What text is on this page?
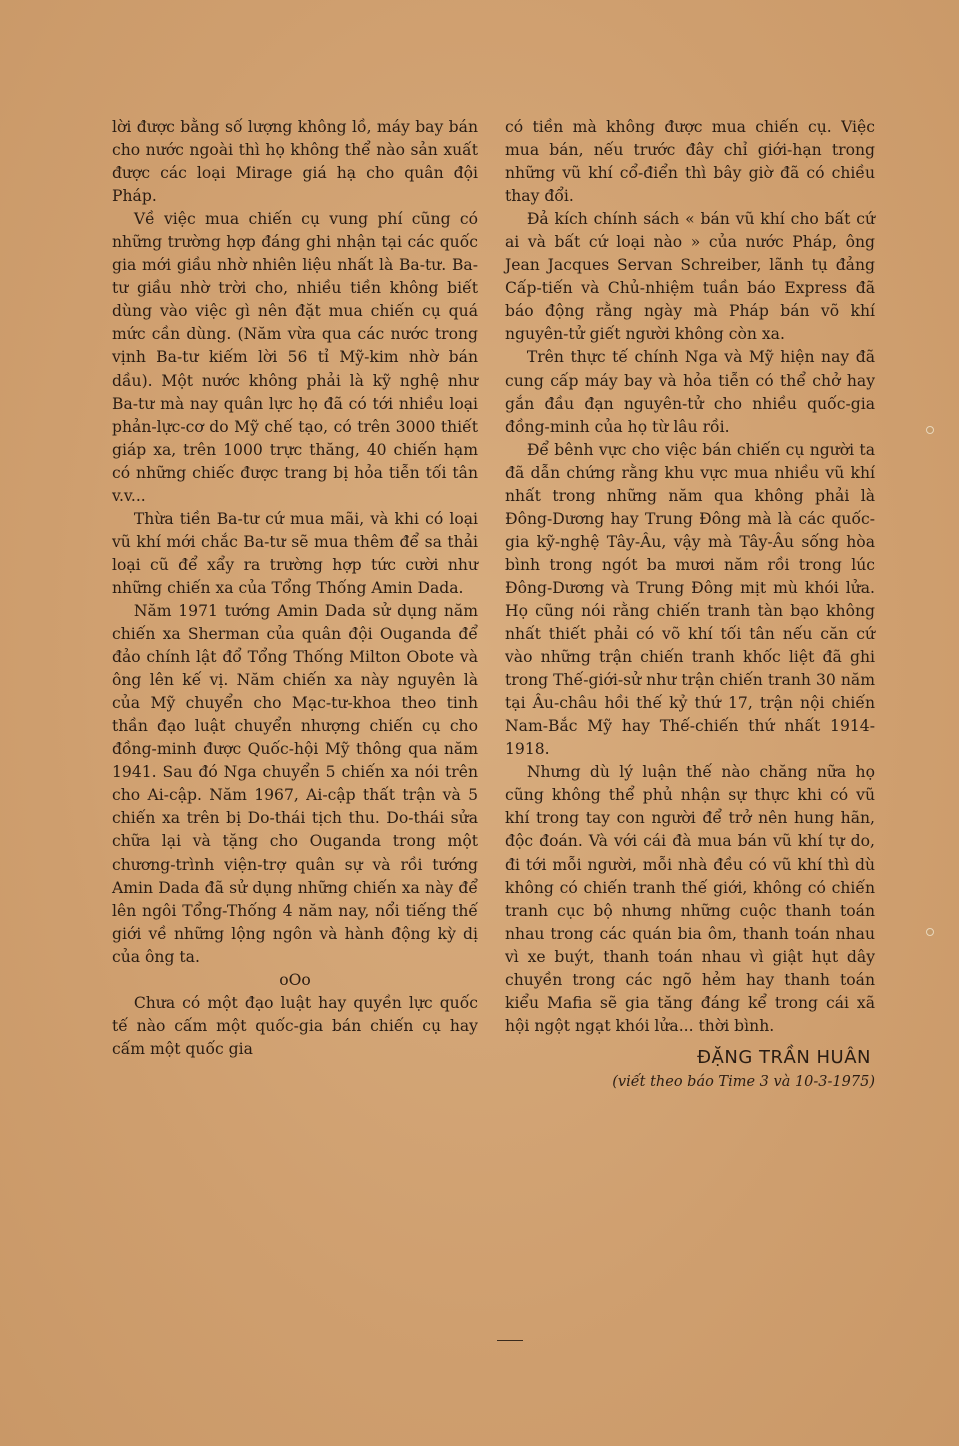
lời được bằng số lượng không lồ, máy bay bán cho nước ngoài thì họ không thể nào sản xuất được các loại Mirage giá hạ cho quân đội Pháp.

Về việc mua chiến cụ vung phí cũng có những trường hợp đáng ghi nhận tại các quốc gia mới giầu nhờ nhiên liệu nhất là Ba-tư. Ba-tư giầu nhờ trời cho, nhiều tiền không biết dùng vào việc gì nên đặt mua chiến cụ quá mức cần dùng. (Năm vừa qua các nước trong vịnh Ba-tư kiếm lời 56 tỉ Mỹ-kim nhờ bán dầu). Một nước không phải là kỹ nghệ như Ba-tư mà nay quân lực họ đã có tới nhiều loại phản-lực-cơ do Mỹ chế tạo, có trên 3000 thiết giáp xa, trên 1000 trực thăng, 40 chiến hạm có những chiếc được trang bị hỏa tiễn tối tân v.v...

Thừa tiền Ba-tư cứ mua mãi, và khi có loại vũ khí mới chắc Ba-tư sẽ mua thêm để sa thải loại cũ để xẩy ra trường hợp tức cười như những chiến xa của Tổng Thống Amin Dada.

Năm 1971 tướng Amin Dada sử dụng năm chiến xa Sherman của quân đội Ouganda để đảo chính lật đổ Tổng Thống Milton Obote và ông lên kế vị. Năm chiến xa này nguyên là của Mỹ chuyển cho Mạc-tư-khoa theo tinh thần đạo luật chuyển nhượng chiến cụ cho đồng-minh được Quốc-hội Mỹ thông qua năm 1941. Sau đó Nga chuyển 5 chiến xa nói trên cho Ai-cập. Năm 1967, Ai-cập thất trận và 5 chiến xa trên bị Do-thái tịch thu. Do-thái sửa chữa lại và tặng cho Ouganda trong một chương-trình viện-trợ quân sự và rồi tướng Amin Dada đã sử dụng những chiến xa này để lên ngôi Tổng-Thống 4 năm nay, nổi tiếng thế giới về những lộng ngôn và hành động kỳ dị của ông ta.

oOo

Chưa có một đạo luật hay quyền lực quốc tế nào cấm một quốc-gia bán chiến cụ hay cấm một quốc gia

có tiền mà không được mua chiến cụ. Việc mua bán, nếu trước đây chỉ giới-hạn trong những vũ khí cổ-điển thì bây giờ đã có chiều thay đổi.

Đả kích chính sách « bán vũ khí cho bất cứ ai và bất cứ loại nào » của nước Pháp, ông Jean Jacques Servan Schreiber, lãnh tụ đảng Cấp-tiến và Chủ-nhiệm tuần báo Express đã báo động rằng ngày mà Pháp bán võ khí nguyên-tử giết người không còn xa.

Trên thực tế chính Nga và Mỹ hiện nay đã cung cấp máy bay và hỏa tiễn có thể chở hay gắn đầu đạn nguyên-tử cho nhiều quốc-gia đồng-minh của họ từ lâu rồi.

Để bênh vực cho việc bán chiến cụ người ta đã dẫn chứng rằng khu vực mua nhiều vũ khí nhất trong những năm qua không phải là Đông-Dương hay Trung Đông mà là các quốc-gia kỹ-nghệ Tây-Âu, vậy mà Tây-Âu sống hòa bình trong ngót ba mươi năm rồi trong lúc Đông-Dương và Trung Đông mịt mù khói lửa. Họ cũng nói rằng chiến tranh tàn bạo không nhất thiết phải có võ khí tối tân nếu căn cứ vào những trận chiến tranh khốc liệt đã ghi trong Thế-giới-sử như trận chiến tranh 30 năm tại Âu-châu hồi thế kỷ thứ 17, trận nội chiến Nam-Bắc Mỹ hay Thế-chiến thứ nhất 1914-1918.

Nhưng dù lý luận thế nào chăng nữa họ cũng không thể phủ nhận sự thực khi có vũ khí trong tay con người để trở nên hung hãn, độc đoán. Và với cái đà mua bán vũ khí tự do, đi tới mỗi người, mỗi nhà đều có vũ khí thì dù không có chiến tranh thế giới, không có chiến tranh cục bộ nhưng những cuộc thanh toán nhau trong các quán bia ôm, thanh toán nhau vì xe buýt, thanh toán nhau vì giật hụt dây chuyền trong các ngõ hẻm hay thanh toán kiểu Mafia sẽ gia tăng đáng kể trong cái xã hội ngột ngạt khói lửa... thời bình.

ĐẶNG TRẦN HUÂN

(viết theo báo Time 3 và 10-3-1975)
